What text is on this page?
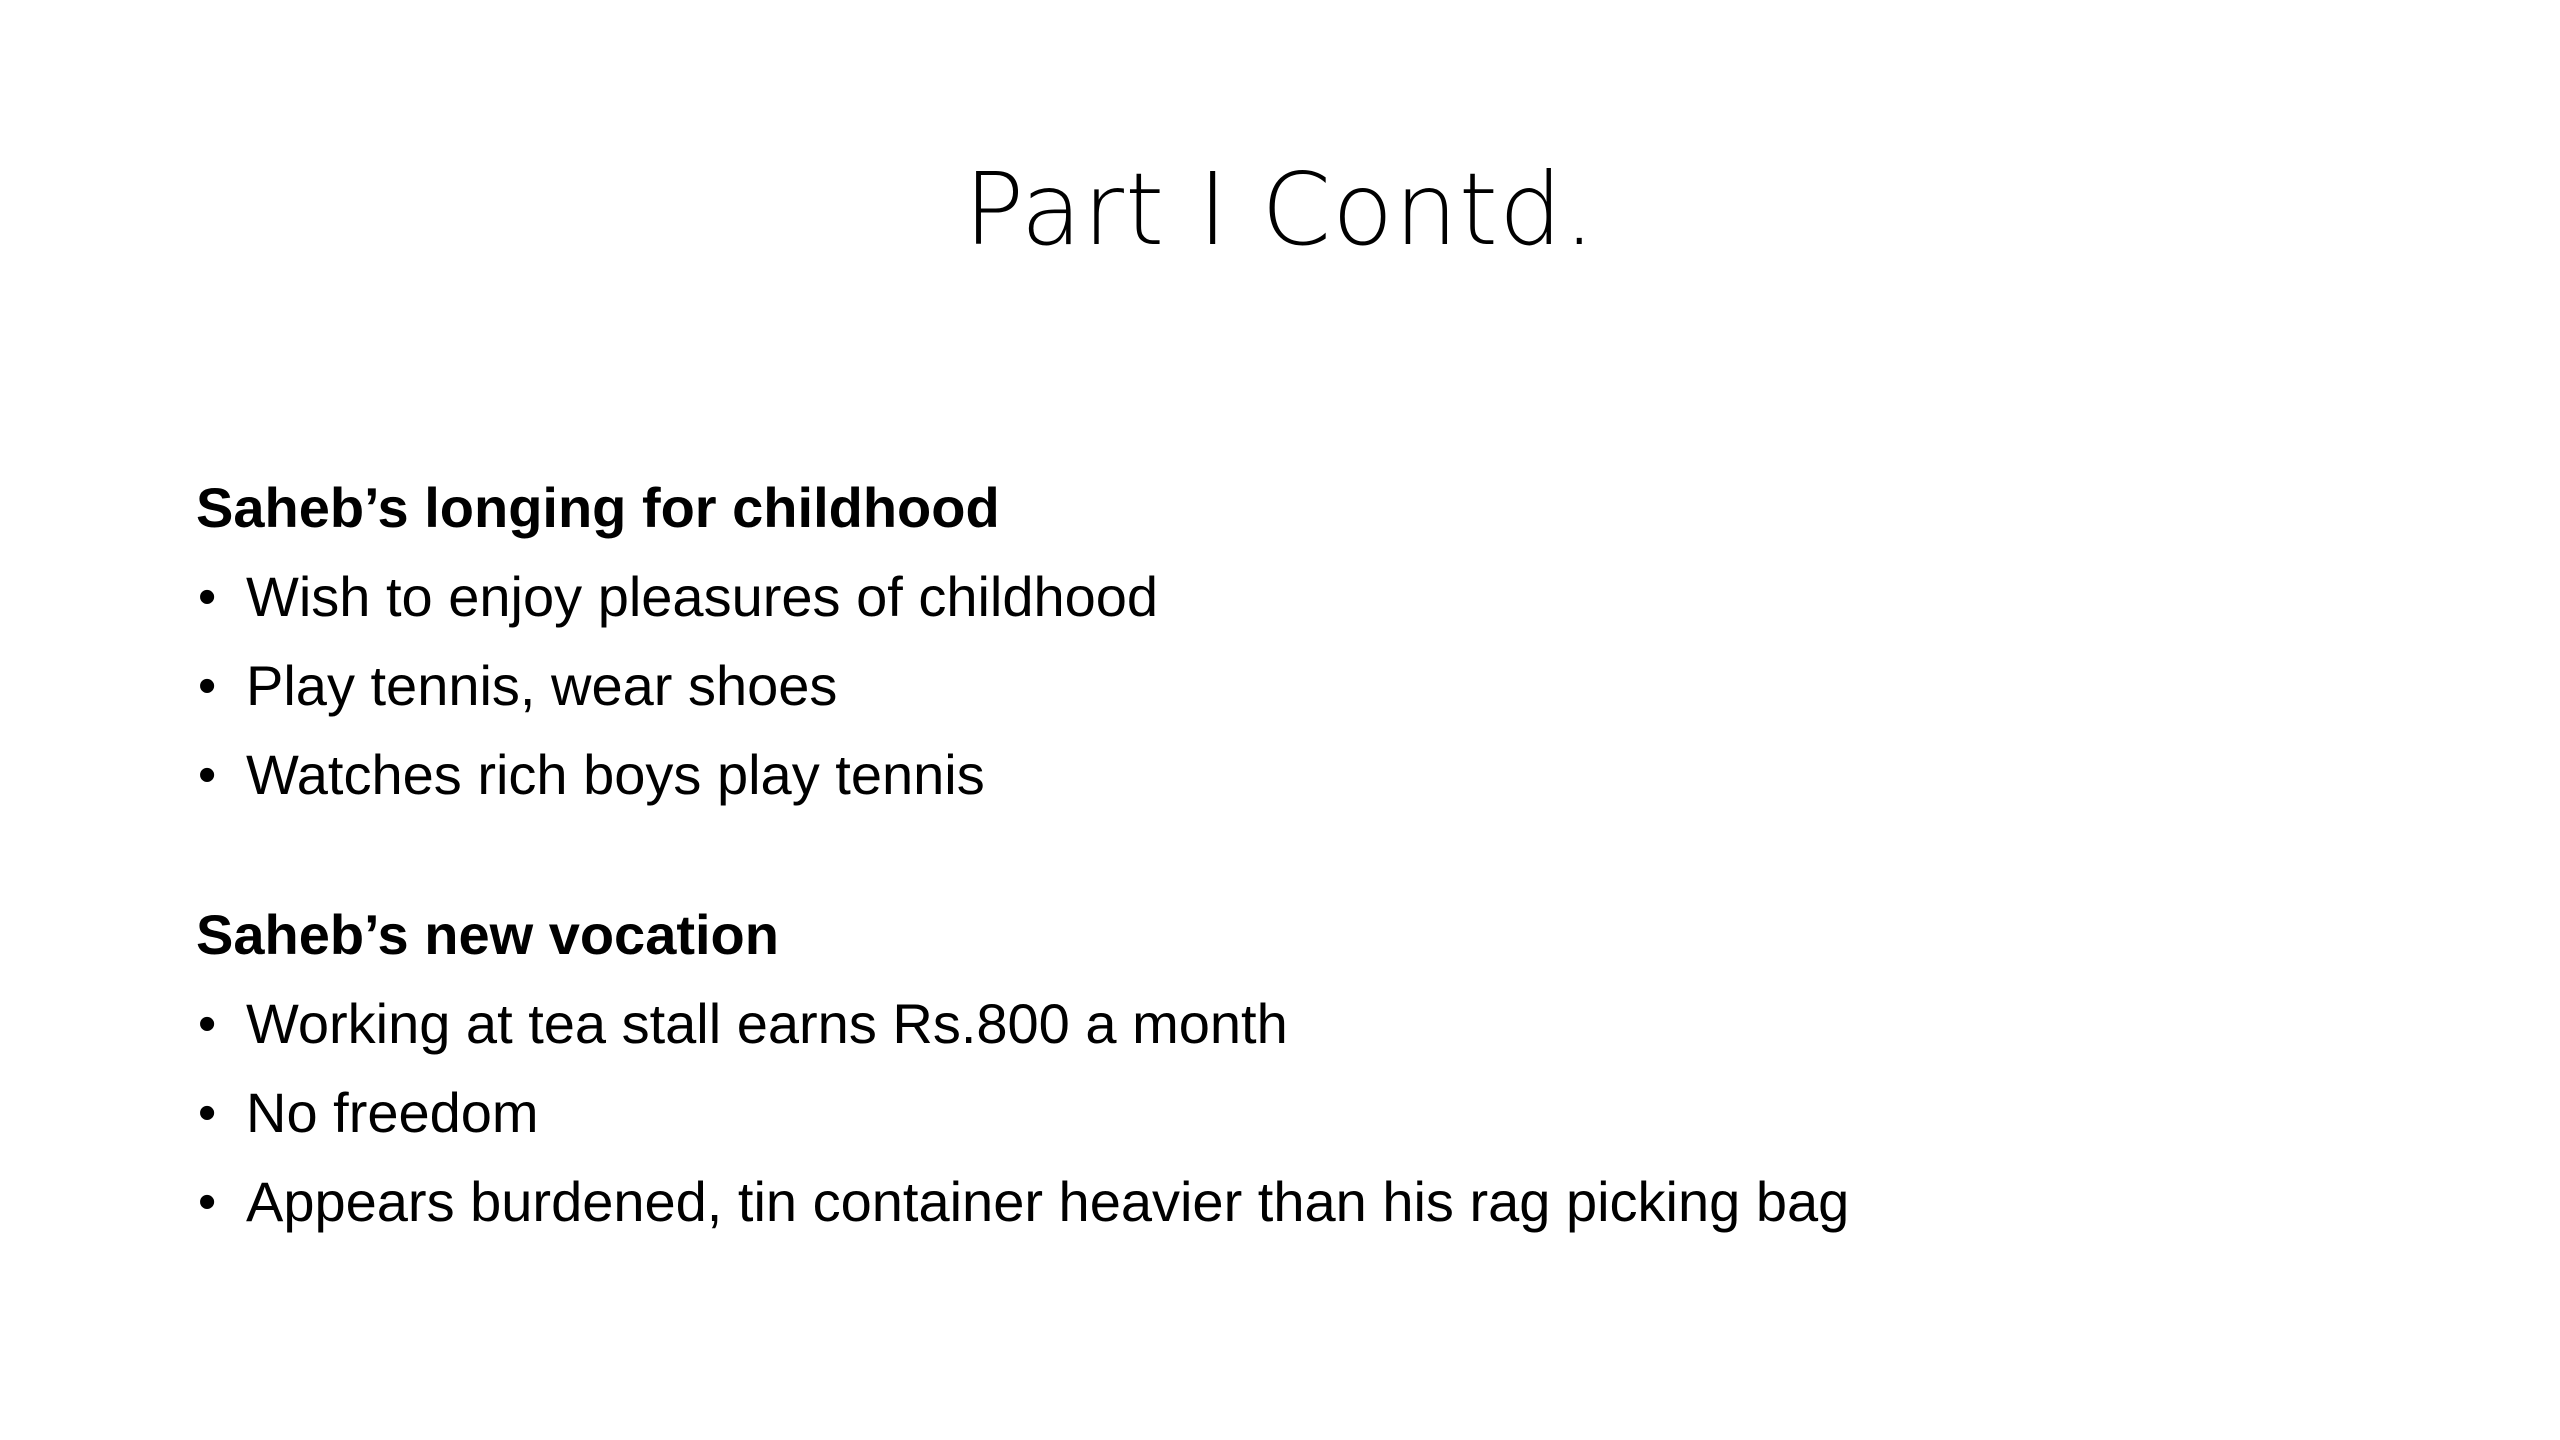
Part I Contd.
Saheb’s longing for childhood
• Wish to enjoy pleasures of childhood
• Play tennis, wear shoes
• Watches rich boys play tennis
Saheb’s new vocation
• Working at tea stall earns Rs.800 a month
• No freedom
• Appears burdened, tin container heavier than his rag picking bag
